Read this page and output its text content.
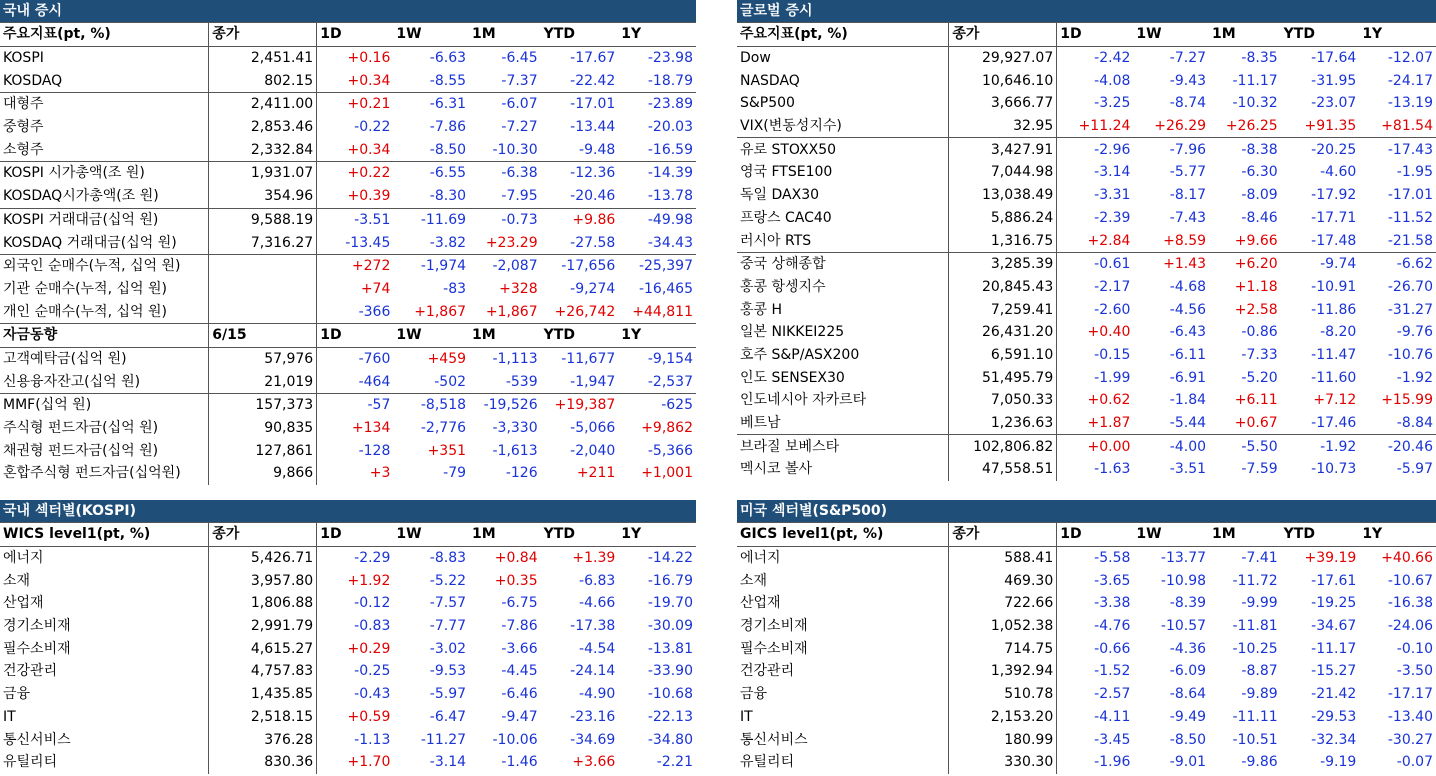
국내 증시
주요지표(pt, %)	종가	1D	1W	1M	YTD	1Y
KOSPI	2,451.41	+0.16	-6.63	-6.45	-17.67	-23.98
KOSDAQ	802.15	+0.34	-8.55	-7.37	-22.42	-18.79
대형주	2,411.00	+0.21	-6.31	-6.07	-17.01	-23.89
중형주	2,853.46	-0.22	-7.86	-7.27	-13.44	-20.03
소형주	2,332.84	+0.34	-8.50	-10.30	-9.48	-16.59
KOSPI 시가총액(조 원)	1,931.07	+0.22	-6.55	-6.38	-12.36	-14.39
KOSDAQ시가총액(조 원)	354.96	+0.39	-8.30	-7.95	-20.46	-13.78
KOSPI 거래대금(십억 원)	9,588.19	-3.51	-11.69	-0.73	+9.86	-49.98
KOSDAQ 거래대금(십억 원)	7,316.27	-13.45	-3.82	+23.29	-27.58	-34.43
외국인 순매수(누적, 십억 원)		+272	-1,974	-2,087	-17,656	-25,397
기관 순매수(누적, 십억 원)		+74	-83	+328	-9,274	-16,465
개인 순매수(누적, 십억 원)		-366	+1,867	+1,867	+26,742	+44,811
자금동향	6/15	1D	1W	1M	YTD	1Y
고객예탁금(십억 원)	57,976	-760	+459	-1,113	-11,677	-9,154
신용융자잔고(십억 원)	21,019	-464	-502	-539	-1,947	-2,537
MMF(십억 원)	157,373	-57	-8,518	-19,526	+19,387	-625
주식형 펀드자금(십억 원)	90,835	+134	-2,776	-3,330	-5,066	+9,862
채권형 펀드자금(십억 원)	127,861	-128	+351	-1,613	-2,040	-5,366
혼합주식형 펀드자금(십억원)	9,866	+3	-79	-126	+211	+1,001
글로벌 증시
주요지표(pt, %)	종가	1D	1W	1M	YTD	1Y
Dow	29,927.07	-2.42	-7.27	-8.35	-17.64	-12.07
NASDAQ	10,646.10	-4.08	-9.43	-11.17	-31.95	-24.17
S&P500	3,666.77	-3.25	-8.74	-10.32	-23.07	-13.19
VIX(변동성지수)	32.95	+11.24	+26.29	+26.25	+91.35	+81.54
유로 STOXX50	3,427.91	-2.96	-7.96	-8.38	-20.25	-17.43
영국 FTSE100	7,044.98	-3.14	-5.77	-6.30	-4.60	-1.95
독일 DAX30	13,038.49	-3.31	-8.17	-8.09	-17.92	-17.01
프랑스 CAC40	5,886.24	-2.39	-7.43	-8.46	-17.71	-11.52
러시아 RTS	1,316.75	+2.84	+8.59	+9.66	-17.48	-21.58
중국 상해종합	3,285.39	-0.61	+1.43	+6.20	-9.74	-6.62
홍콩 항셍지수	20,845.43	-2.17	-4.68	+1.18	-10.91	-26.70
홍콩 H	7,259.41	-2.60	-4.56	+2.58	-11.86	-31.27
일본 NIKKEI225	26,431.20	+0.40	-6.43	-0.86	-8.20	-9.76
호주 S&P/ASX200	6,591.10	-0.15	-6.11	-7.33	-11.47	-10.76
인도 SENSEX30	51,495.79	-1.99	-6.91	-5.20	-11.60	-1.92
인도네시아 자카르타	7,050.33	+0.62	-1.84	+6.11	+7.12	+15.99
베트남	1,236.63	+1.87	-5.44	+0.67	-17.46	-8.84
브라질 보베스타	102,806.82	+0.00	-4.00	-5.50	-1.92	-20.46
멕시코 볼사	47,558.51	-1.63	-3.51	-7.59	-10.73	-5.97
국내 섹터별(KOSPI)
WICS level1(pt, %)	종가	1D	1W	1M	YTD	1Y
에너지	5,426.71	-2.29	-8.83	+0.84	+1.39	-14.22
소재	3,957.80	+1.92	-5.22	+0.35	-6.83	-16.79
산업재	1,806.88	-0.12	-7.57	-6.75	-4.66	-19.70
경기소비재	2,991.79	-0.83	-7.77	-7.86	-17.38	-30.09
필수소비재	4,615.27	+0.29	-3.02	-3.66	-4.54	-13.81
건강관리	4,757.83	-0.25	-9.53	-4.45	-24.14	-33.90
금융	1,435.85	-0.43	-5.97	-6.46	-4.90	-10.68
IT	2,518.15	+0.59	-6.47	-9.47	-23.16	-22.13
통신서비스	376.28	-1.13	-11.27	-10.06	-34.69	-34.80
유틸리티	830.36	+1.70	-3.14	-1.46	+3.66	-2.21
미국 섹터별(S&P500)
GICS level1(pt, %)	종가	1D	1W	1M	YTD	1Y
에너지	588.41	-5.58	-13.77	-7.41	+39.19	+40.66
소재	469.30	-3.65	-10.98	-11.72	-17.61	-10.67
산업재	722.66	-3.38	-8.39	-9.99	-19.25	-16.38
경기소비재	1,052.38	-4.76	-10.57	-11.81	-34.67	-24.06
필수소비재	714.75	-0.66	-4.36	-10.25	-11.17	-0.10
건강관리	1,392.94	-1.52	-6.09	-8.87	-15.27	-3.50
금융	510.78	-2.57	-8.64	-9.89	-21.42	-17.17
IT	2,153.20	-4.11	-9.49	-11.11	-29.53	-13.40
통신서비스	180.99	-3.45	-8.50	-10.51	-32.34	-30.27
유틸리티	330.30	-1.96	-9.01	-9.86	-9.19	-0.07
